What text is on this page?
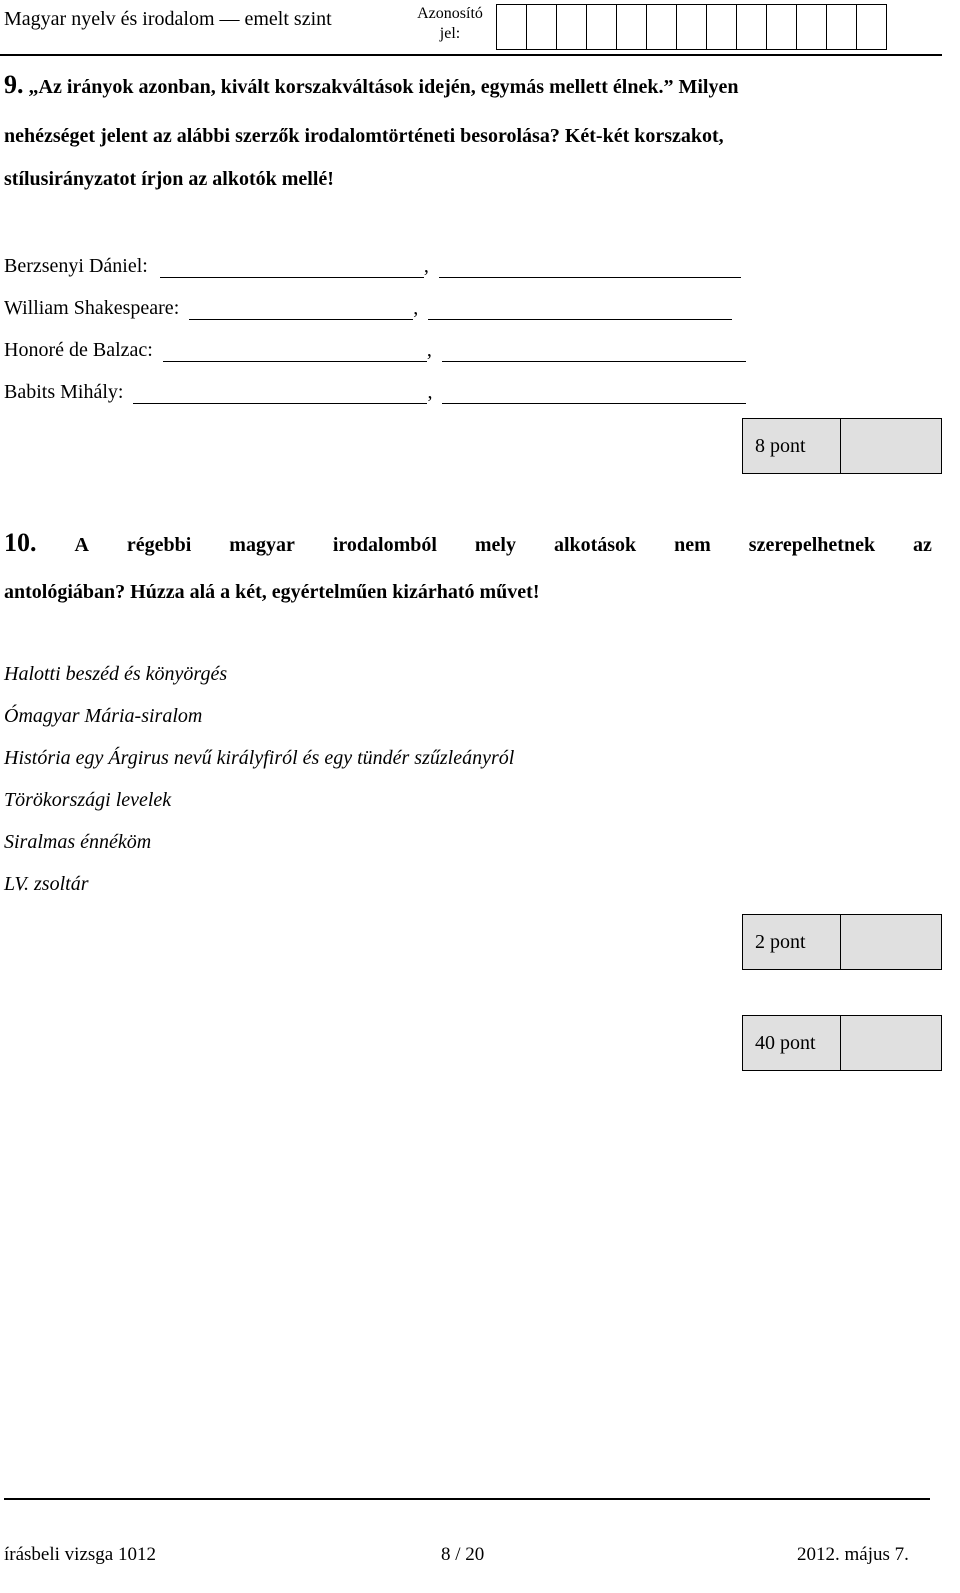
Magyar nyelv és irodalom — emelt szint	Azonosító jel:
9. „Az irányok azonban, kivált korszakváltások idején, egymás mellett élnek.” Milyen
nehézséget jelent az alábbi szerzők irodalomtörténeti besorolása? Két-két korszakot,
stílusirányzatot írjon az alkotók mellé!
Berzsenyi Dániel:	,
William Shakespeare:	,
Honoré de Balzac:	,
Babits Mihály:	,
8 pont
10. A régebbi magyar irodalomból mely alkotások nem szerepelhetnek az
antológiában? Húzza alá a két, egyértelműen kizárható művet!
Halotti beszéd és könyörgés
Ómagyar Mária-siralom
História egy Árgirus nevű királyfiról és egy tündér szűzleányról
Törökországi levelek
Siralmas énnéköm
LV. zsoltár
2 pont
40 pont
írásbeli vizsga 1012	8 / 20	2012. május 7.
